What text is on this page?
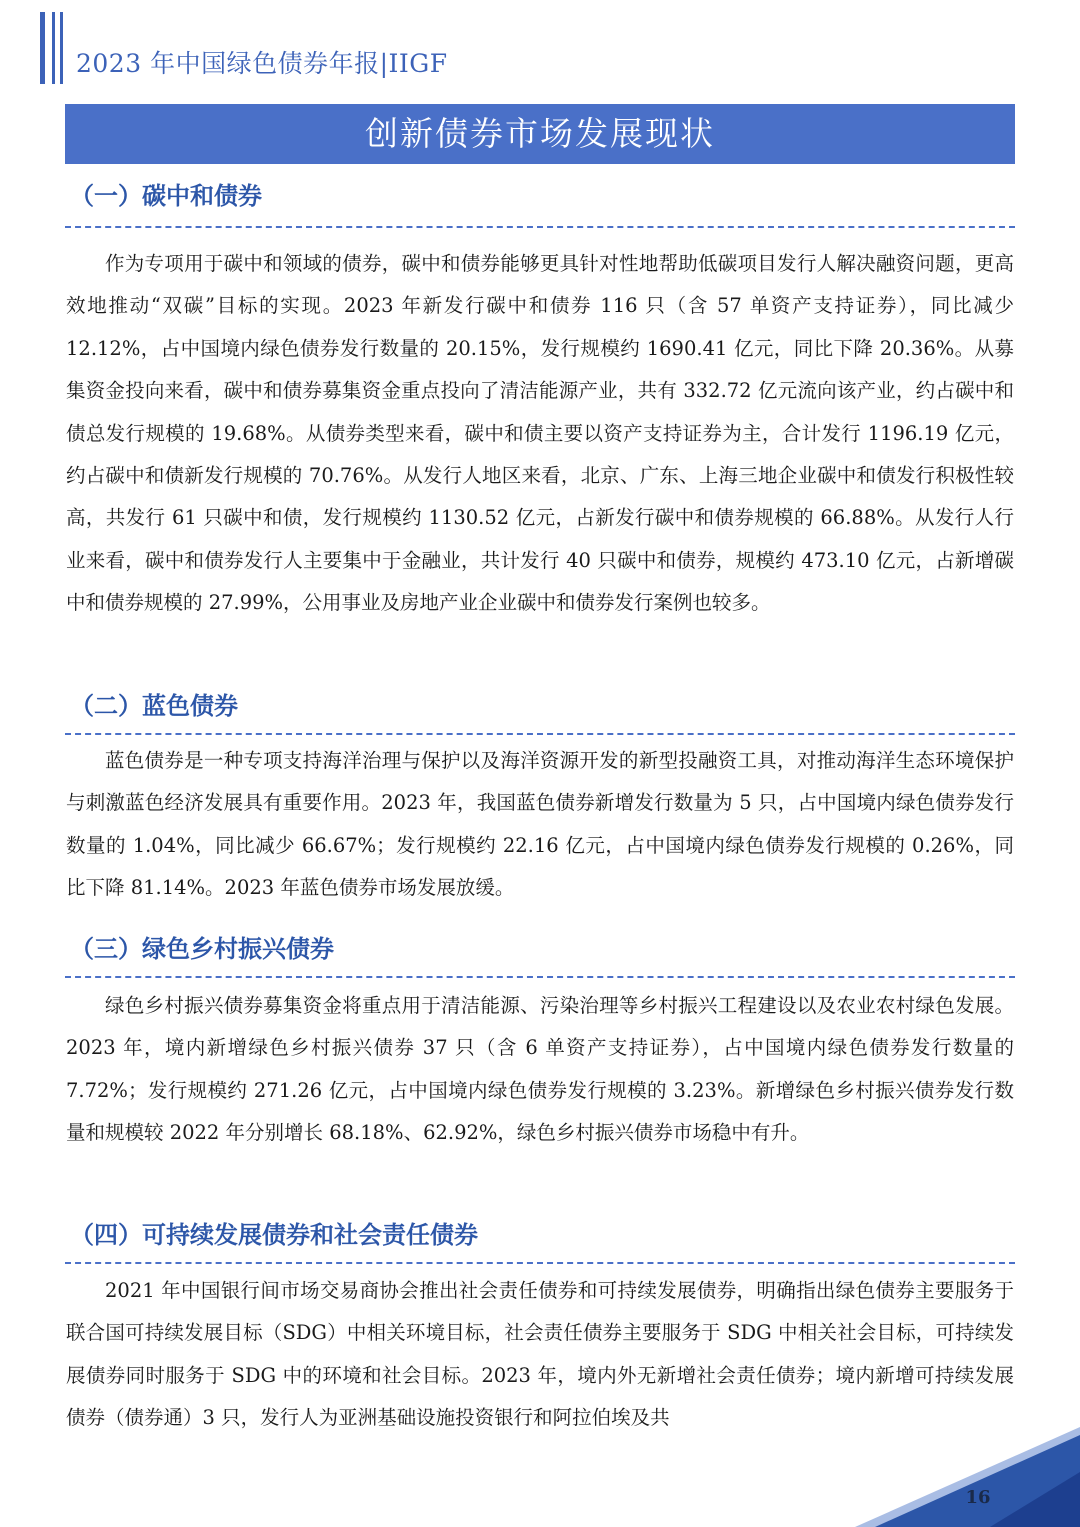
2023 年中国绿色债券年报|IIGF
创新债券市场发展现状
（一）碳中和债券

作为专项用于碳中和领域的债券，碳中和债券能够更具针对性地帮助低碳项目发行人解决融资问题，更高效地推动“双碳”目标的实现。2023 年新发行碳中和债券 116 只（含 57 单资产支持证券），同比减少 12.12%，占中国境内绿色债券发行数量的 20.15%，发行规模约 1690.41 亿元，同比下降 20.36%。从募集资金投向来看，碳中和债券募集资金重点投向了清洁能源产业，共有 332.72 亿元流向该产业，约占碳中和债总发行规模的 19.68%。从债券类型来看，碳中和债主要以资产支持证券为主，合计发行 1196.19 亿元，约占碳中和债新发行规模的 70.76%。从发行人地区来看，北京、广东、上海三地企业碳中和债发行积极性较高，共发行 61 只碳中和债，发行规模约 1130.52 亿元，占新发行碳中和债券规模的 66.88%。从发行人行业来看，碳中和债券发行人主要集中于金融业，共计发行 40 只碳中和债券，规模约 473.10 亿元，占新增碳中和债券规模的 27.99%，公用事业及房地产业企业碳中和债券发行案例也较多。

（二）蓝色债券

蓝色债券是一种专项支持海洋治理与保护以及海洋资源开发的新型投融资工具，对推动海洋生态环境保护与刺激蓝色经济发展具有重要作用。2023 年，我国蓝色债券新增发行数量为 5 只，占中国境内绿色债券发行数量的 1.04%，同比减少 66.67%；发行规模约 22.16 亿元，占中国境内绿色债券发行规模的 0.26%，同比下降 81.14%。2023 年蓝色债券市场发展放缓。

（三）绿色乡村振兴债券

绿色乡村振兴债券募集资金将重点用于清洁能源、污染治理等乡村振兴工程建设以及农业农村绿色发展。2023 年，境内新增绿色乡村振兴债券 37 只（含 6 单资产支持证券），占中国境内绿色债券发行数量的 7.72%；发行规模约 271.26 亿元，占中国境内绿色债券发行规模的 3.23%。新增绿色乡村振兴债券发行数量和规模较 2022 年分别增长 68.18%、62.92%，绿色乡村振兴债券市场稳中有升。

（四）可持续发展债券和社会责任债券

2021 年中国银行间市场交易商协会推出社会责任债券和可持续发展债券，明确指出绿色债券主要服务于联合国可持续发展目标（SDG）中相关环境目标，社会责任债券主要服务于 SDG 中相关社会目标，可持续发展债券同时服务于 SDG 中的环境和社会目标。2023 年，境内外无新增社会责任债券；境内新增可持续发展债券（债券通）3 只，发行人为亚洲基础设施投资银行和阿拉伯埃及共

16
